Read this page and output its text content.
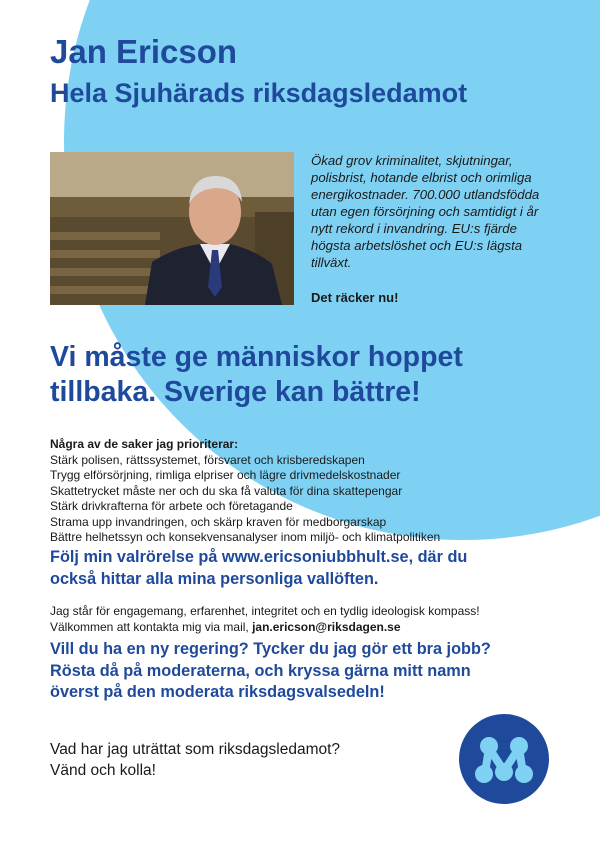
Jan Ericson
Hela Sjuhärads riksdagsledamot

Ökad grov kriminalitet, skjutningar, polisbrist, hotande elbrist och orimliga energikostnader. 700.000 utlandsfödda utan egen försörjning och samtidigt i år nytt rekord i invandring. EU:s fjärde högsta arbetslöshet och EU:s lägsta tillväxt.

Det räcker nu!

Vi måste ge människor hoppet
tillbaka. Sverige kan bättre!
Några av de saker jag prioriterar:
Stärk polisen, rättssystemet, försvaret och krisberedskapen
Trygg elförsörjning, rimliga elpriser och lägre drivmedelskostnader
Skattetrycket måste ner och du ska få valuta för dina skattepengar
Stärk drivkrafterna för arbete och företagande
Strama upp invandringen, och skärp kraven för medborgarskap
Bättre helhetssyn och konsekvensanalyser inom miljö- och klimatpolitiken

Följ min valrörelse på www.ericsoniubbhult.se, där du
också hittar alla mina personliga vallöften.

Jag står för engagemang, erfarenhet, integritet och en tydlig ideologisk kompass!
Välkommen att kontakta mig via mail, jan.ericson@riksdagen.se

Vill du ha en ny regering? Tycker du jag gör ett bra jobb?
Rösta då på moderaterna, och kryssa gärna mitt namn
överst på den moderata riksdagsvalsedeln!

Vad har jag uträttat som riksdagsledamot?
Vänd och kolla!
